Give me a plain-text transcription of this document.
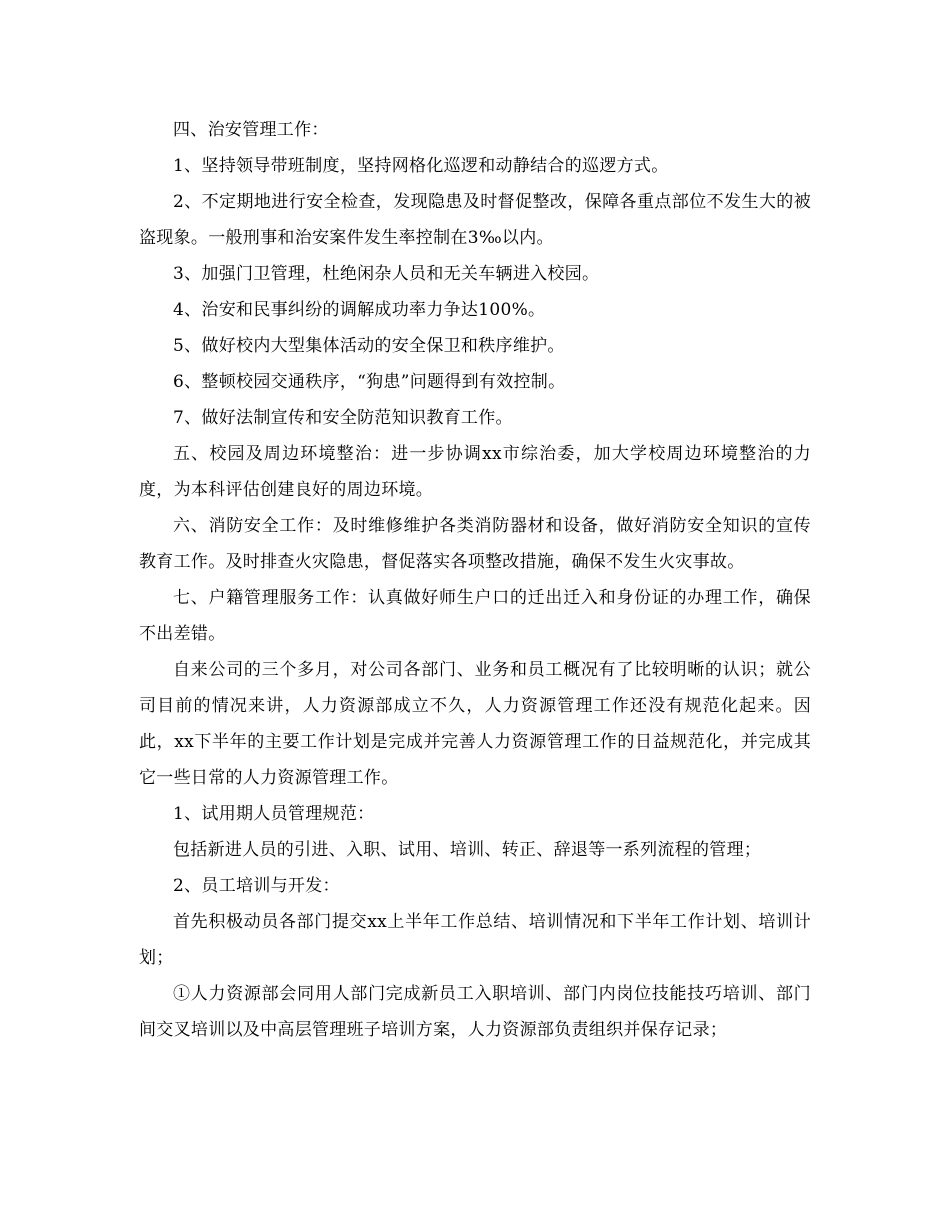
四、治安管理工作：

1、坚持领导带班制度，坚持网格化巡逻和动静结合的巡逻方式。

2、不定期地进行安全检查，发现隐患及时督促整改，保障各重点部位不发生大的被盗现象。一般刑事和治安案件发生率控制在3‰以内。

3、加强门卫管理，杜绝闲杂人员和无关车辆进入校园。

4、治安和民事纠纷的调解成功率力争达100%。

5、做好校内大型集体活动的安全保卫和秩序维护。

6、整顿校园交通秩序，“狗患”问题得到有效控制。

7、做好法制宣传和安全防范知识教育工作。

五、校园及周边环境整治：进一步协调xx市综治委，加大学校周边环境整治的力度，为本科评估创建良好的周边环境。

六、消防安全工作：及时维修维护各类消防器材和设备，做好消防安全知识的宣传教育工作。及时排查火灾隐患，督促落实各项整改措施，确保不发生火灾事故。

七、户籍管理服务工作：认真做好师生户口的迁出迁入和身份证的办理工作，确保不出差错。

自来公司的三个多月，对公司各部门、业务和员工概况有了比较明晰的认识；就公司目前的情况来讲，人力资源部成立不久，人力资源管理工作还没有规范化起来。因此，xx下半年的主要工作计划是完成并完善人力资源管理工作的日益规范化，并完成其它一些日常的人力资源管理工作。

1、试用期人员管理规范：

包括新进人员的引进、入职、试用、培训、转正、辞退等一系列流程的管理；

2、员工培训与开发：

首先积极动员各部门提交xx上半年工作总结、培训情况和下半年工作计划、培训计划；

①人力资源部会同用人部门完成新员工入职培训、部门内岗位技能技巧培训、部门间交叉培训以及中高层管理班子培训方案，人力资源部负责组织并保存记录；
